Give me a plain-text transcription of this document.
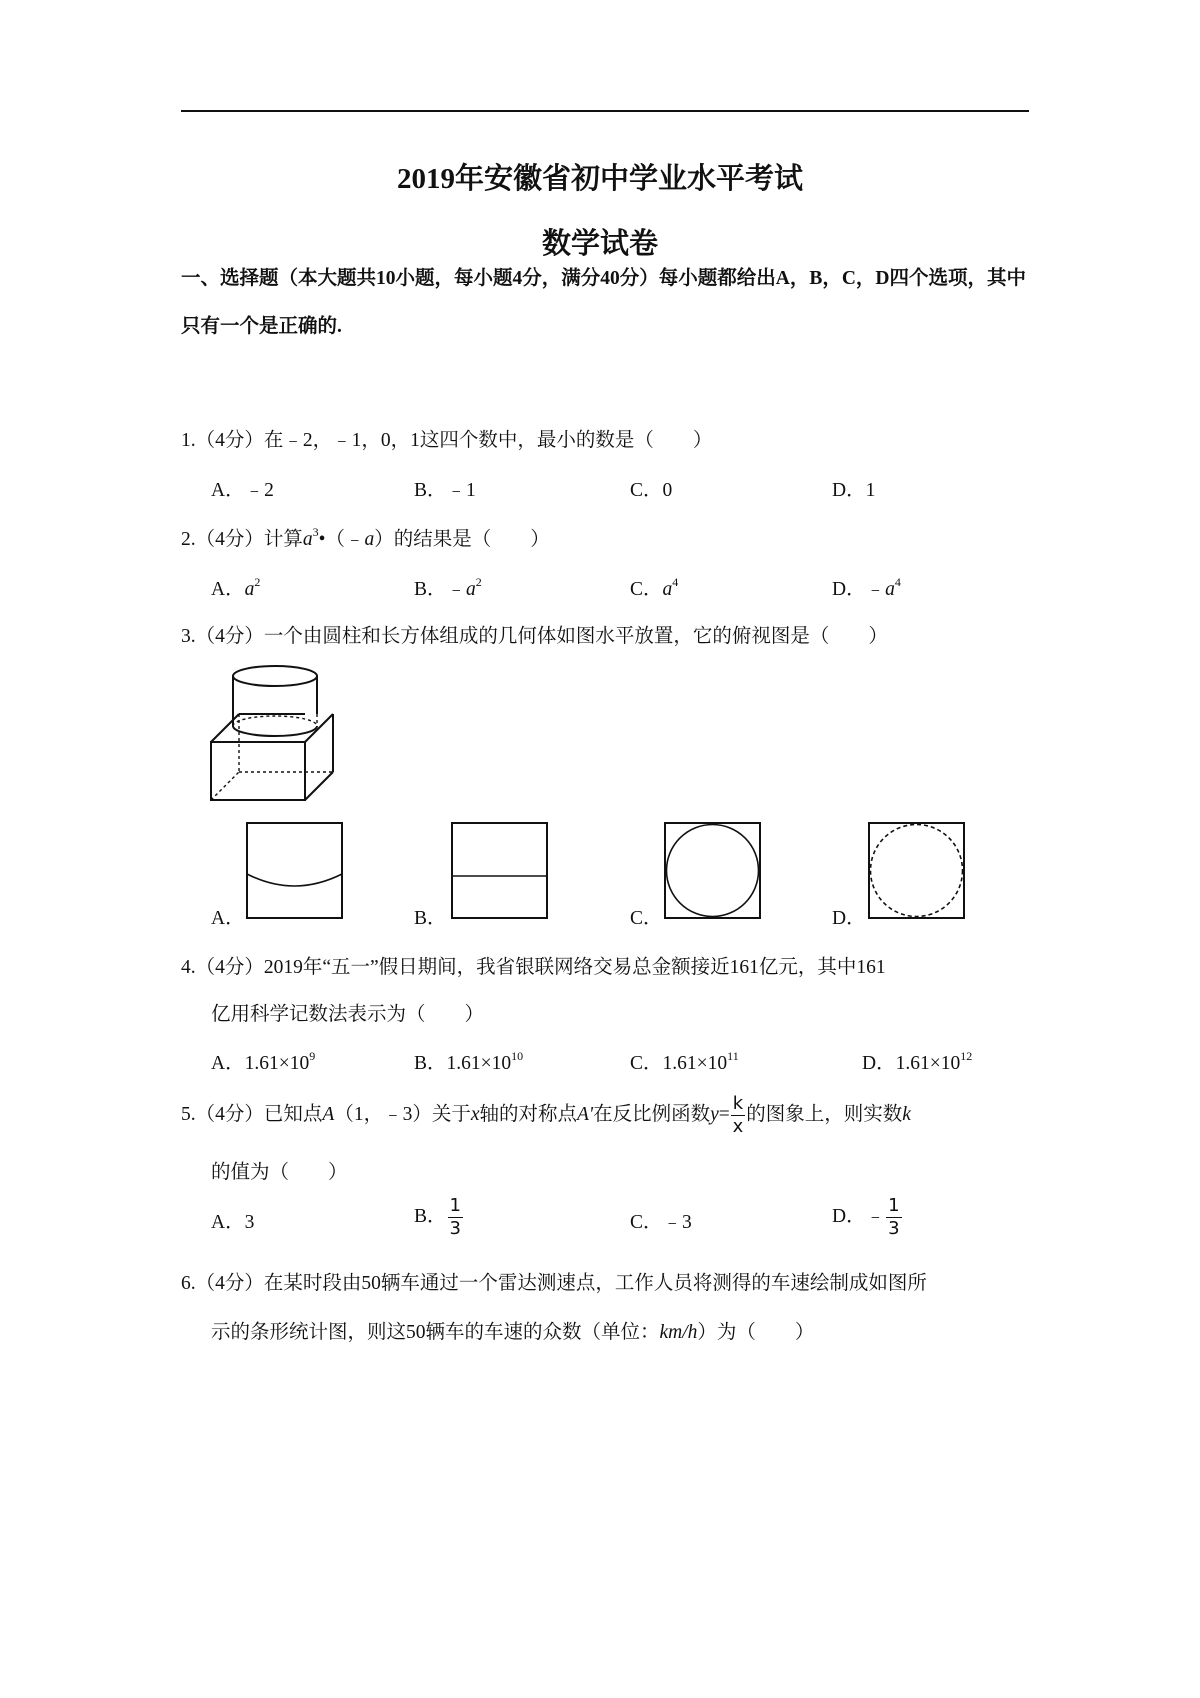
2019年安徽省初中学业水平考试
数学试卷
一、选择题（本大题共10小题，每小题4分，满分40分）每小题都给出A，B，C，D四个选项，其中只有一个是正确的.
1.（4分）在﹣2，﹣1，0，1这四个数中，最小的数是（　　）
A．﹣2	B．﹣1	C．0	D．1
2.（4分）计算$a^3•(﹣a)$的结果是（　　）
A．$a^2$	B．$﹣a^2$	C．$a^4$	D．$﹣a^4$
3.（4分）一个由圆柱和长方体组成的几何体如图水平放置，它的俯视图是（　　）
A．	B．	C．	D．
4.（4分）2019年“五一”假日期间，我省银联网络交易总金额接近161亿元，其中161
亿用科学记数法表示为（　　）
A．$1.61\times 10^9$	B．$1.61\times 10^{10}$	C．$1.61\times 10^{11}$	D．$1.61\times 10^{12}$
5.（4分）已知点A（1，﹣3）关于x轴的对称点A'在反比例函数$y= \frac{k}{x}$ 的图象上，则实数k
的值为（　　）
A．3	B． $\frac{1}{3}$	C．﹣3	D．﹣ $\frac{1}{3}$
6.（4分）在某时段由50辆车通过一个雷达测速点，工作人员将测得的车速绘制成如图所
示的条形统计图，则这50辆车的车速的众数（单位：km/h）为（　　）
